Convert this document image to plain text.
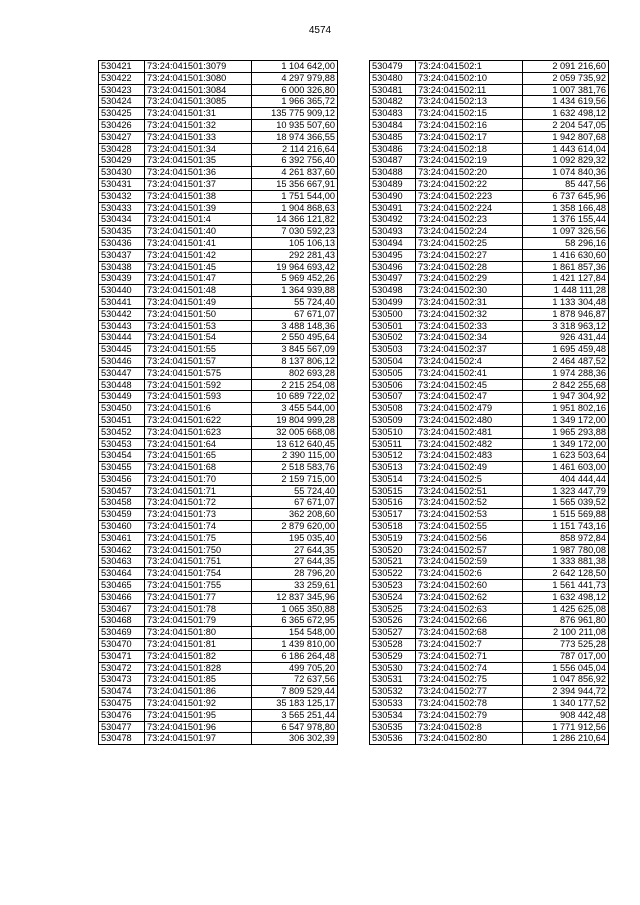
4574
530421	73:24:041501:3079	1 104 642,00
530422	73:24:041501:3080	4 297 979,88
530423	73:24:041501:3084	6 000 326,80
530424	73:24:041501:3085	1 966 365,72
530425	73:24:041501:31	135 775 909,12
530426	73:24:041501:32	10 935 507,60
530427	73:24:041501:33	18 974 366,55
530428	73:24:041501:34	2 114 216,64
530429	73:24:041501:35	6 392 756,40
530430	73:24:041501:36	4 261 837,60
530431	73:24:041501:37	15 356 667,91
530432	73:24:041501:38	1 751 544,00
530433	73:24:041501:39	1 904 868,63
530434	73:24:041501:4	14 366 121,82
530435	73:24:041501:40	7 030 592,23
530436	73:24:041501:41	105 106,13
530437	73:24:041501:42	292 281,43
530438	73:24:041501:45	19 964 693,42
530439	73:24:041501:47	5 969 452,26
530440	73:24:041501:48	1 364 939,88
530441	73:24:041501:49	55 724,40
530442	73:24:041501:50	67 671,07
530443	73:24:041501:53	3 488 148,36
530444	73:24:041501:54	2 550 495,64
530445	73:24:041501:55	3 845 567,09
530446	73:24:041501:57	8 137 806,12
530447	73:24:041501:575	802 693,28
530448	73:24:041501:592	2 215 254,08
530449	73:24:041501:593	10 689 722,02
530450	73:24:041501:6	3 455 544,00
530451	73:24:041501:622	19 804 999,28
530452	73:24:041501:623	32 005 668,08
530453	73:24:041501:64	13 612 640,45
530454	73:24:041501:65	2 390 115,00
530455	73:24:041501:68	2 518 583,76
530456	73:24:041501:70	2 159 715,00
530457	73:24:041501:71	55 724,40
530458	73:24:041501:72	67 671,07
530459	73:24:041501:73	362 208,60
530460	73:24:041501:74	2 879 620,00
530461	73:24:041501:75	195 035,40
530462	73:24:041501:750	27 644,35
530463	73:24:041501:751	27 644,35
530464	73:24:041501:754	28 796,20
530465	73:24:041501:755	33 259,61
530466	73:24:041501:77	12 837 345,96
530467	73:24:041501:78	1 065 350,88
530468	73:24:041501:79	6 365 672,95
530469	73:24:041501:80	154 548,00
530470	73:24:041501:81	1 439 810,00
530471	73:24:041501:82	6 186 264,48
530472	73:24:041501:828	499 705,20
530473	73:24:041501:85	72 637,56
530474	73:24:041501:86	7 809 529,44
530475	73:24:041501:92	35 183 125,17
530476	73:24:041501:95	3 565 251,44
530477	73:24:041501:96	6 547 978,80
530478	73:24:041501:97	306 302,39
530479	73:24:041502:1	2 091 216,60
530480	73:24:041502:10	2 059 735,92
530481	73:24:041502:11	1 007 381,76
530482	73:24:041502:13	1 434 619,56
530483	73:24:041502:15	1 632 498,12
530484	73:24:041502:16	2 204 547,05
530485	73:24:041502:17	1 942 807,68
530486	73:24:041502:18	1 443 614,04
530487	73:24:041502:19	1 092 829,32
530488	73:24:041502:20	1 074 840,36
530489	73:24:041502:22	85 447,56
530490	73:24:041502:223	6 737 645,96
530491	73:24:041502:224	1 358 166,48
530492	73:24:041502:23	1 376 155,44
530493	73:24:041502:24	1 097 326,56
530494	73:24:041502:25	58 296,16
530495	73:24:041502:27	1 416 630,60
530496	73:24:041502:28	1 861 857,36
530497	73:24:041502:29	1 421 127,84
530498	73:24:041502:30	1 448 111,28
530499	73:24:041502:31	1 133 304,48
530500	73:24:041502:32	1 878 946,87
530501	73:24:041502:33	3 318 963,12
530502	73:24:041502:34	926 431,44
530503	73:24:041502:37	1 695 459,48
530504	73:24:041502:4	2 464 487,52
530505	73:24:041502:41	1 974 288,36
530506	73:24:041502:45	2 842 255,68
530507	73:24:041502:47	1 947 304,92
530508	73:24:041502:479	1 951 802,16
530509	73:24:041502:480	1 349 172,00
530510	73:24:041502:481	1 965 293,88
530511	73:24:041502:482	1 349 172,00
530512	73:24:041502:483	1 623 503,64
530513	73:24:041502:49	1 461 603,00
530514	73:24:041502:5	404 444,44
530515	73:24:041502:51	1 323 447,79
530516	73:24:041502:52	1 565 039,52
530517	73:24:041502:53	1 515 569,88
530518	73:24:041502:55	1 151 743,16
530519	73:24:041502:56	858 972,84
530520	73:24:041502:57	1 987 780,08
530521	73:24:041502:59	1 333 881,38
530522	73:24:041502:6	2 642 128,50
530523	73:24:041502:60	1 561 441,73
530524	73:24:041502:62	1 632 498,12
530525	73:24:041502:63	1 425 625,08
530526	73:24:041502:66	876 961,80
530527	73:24:041502:68	2 100 211,08
530528	73:24:041502:7	773 525,28
530529	73:24:041502:71	787 017,00
530530	73:24:041502:74	1 556 045,04
530531	73:24:041502:75	1 047 856,92
530532	73:24:041502:77	2 394 944,72
530533	73:24:041502:78	1 340 177,52
530534	73:24:041502:79	908 442,48
530535	73:24:041502:8	1 771 912,56
530536	73:24:041502:80	1 286 210,64
